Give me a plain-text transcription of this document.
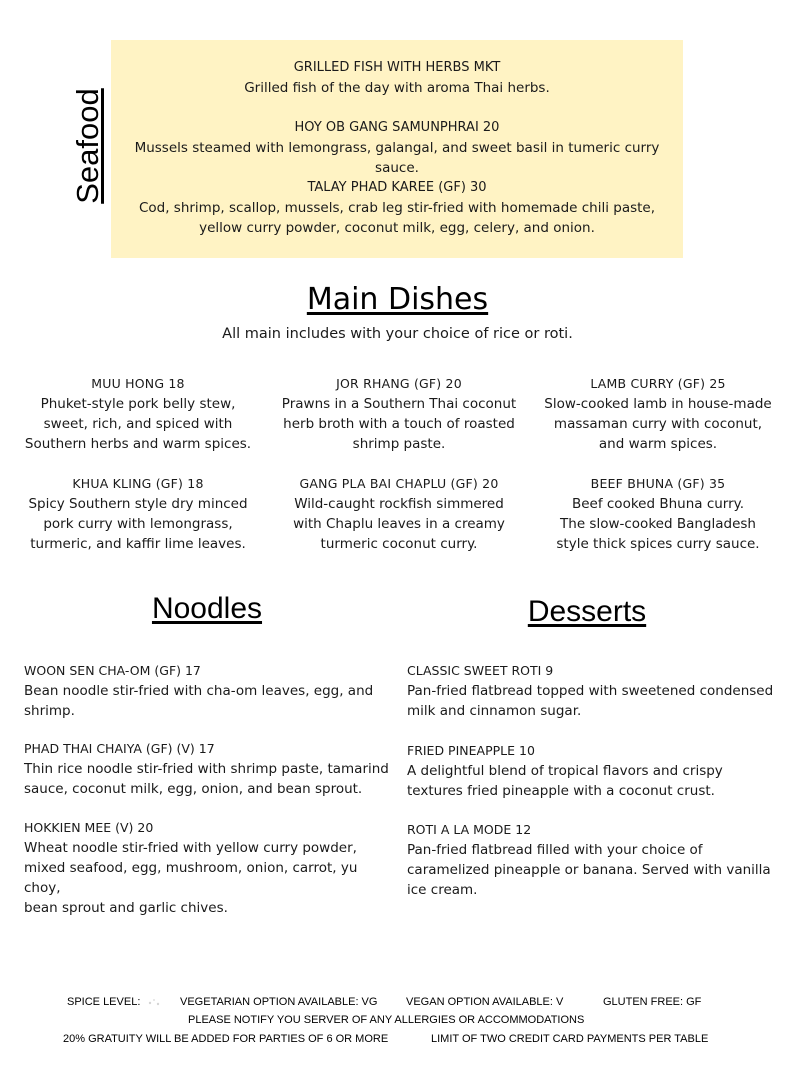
Seafood
GRILLED FISH WITH HERBS MKT
Grilled fish of the day with aroma Thai herbs.
HOY OB GANG SAMUNPHRAI 20
Mussels steamed with lemongrass, galangal, and sweet basil in tumeric curry sauce.
TALAY PHAD KAREE (GF) 30
Cod, shrimp, scallop, mussels, crab leg stir-fried with homemade chili paste,
yellow curry powder, coconut milk, egg, celery, and onion.
Main Dishes
All main includes with your choice of rice or roti.
MUU HONG 18
Phuket-style pork belly stew,
sweet, rich, and spiced with
Southern herbs and warm spices.
JOR RHANG (GF) 20
Prawns in a Southern Thai coconut
herb broth with a touch of roasted
shrimp paste.
LAMB CURRY (GF) 25
Slow-cooked lamb in house-made
massaman curry with coconut,
and warm spices.
KHUA KLING (GF) 18
Spicy Southern style dry minced
pork curry with lemongrass,
turmeric, and kaffir lime leaves.
GANG PLA BAI CHAPLU (GF) 20
Wild-caught rockfish simmered
with Chaplu leaves in a creamy
turmeric coconut curry.
BEEF BHUNA (GF) 35
Beef cooked Bhuna curry.
The slow-cooked Bangladesh
style thick spices curry sauce.
Noodles	Desserts
WOON SEN CHA-OM (GF) 17
Bean noodle stir-fried with cha-om leaves, egg, and
shrimp.
PHAD THAI CHAIYA (GF) (V) 17
Thin rice noodle stir-fried with shrimp paste, tamarind
sauce, coconut milk, egg, onion, and bean sprout.
HOKKIEN MEE (V) 20
Wheat noodle stir-fried with yellow curry powder,
mixed seafood, egg, mushroom, onion, carrot, yu choy,
bean sprout and garlic chives.
CLASSIC SWEET ROTI 9
Pan-fried flatbread topped with sweetened condensed
milk and cinnamon sugar.
FRIED PINEAPPLE 10
A delightful blend of tropical flavors and crispy
textures fried pineapple with a coconut crust.
ROTI A LA MODE 12
Pan-fried flatbread filled with your choice of
caramelized pineapple or banana. Served with vanilla
ice cream.
SPICE LEVEL:	VEGETARIAN OPTION AVAILABLE: VG	VEGAN OPTION AVAILABLE: V	GLUTEN FREE: GF
PLEASE NOTIFY YOU SERVER OF ANY ALLERGIES OR ACCOMMODATIONS
20% GRATUITY WILL BE ADDED FOR PARTIES OF 6 OR MORE	LIMIT OF TWO CREDIT CARD PAYMENTS PER TABLE
